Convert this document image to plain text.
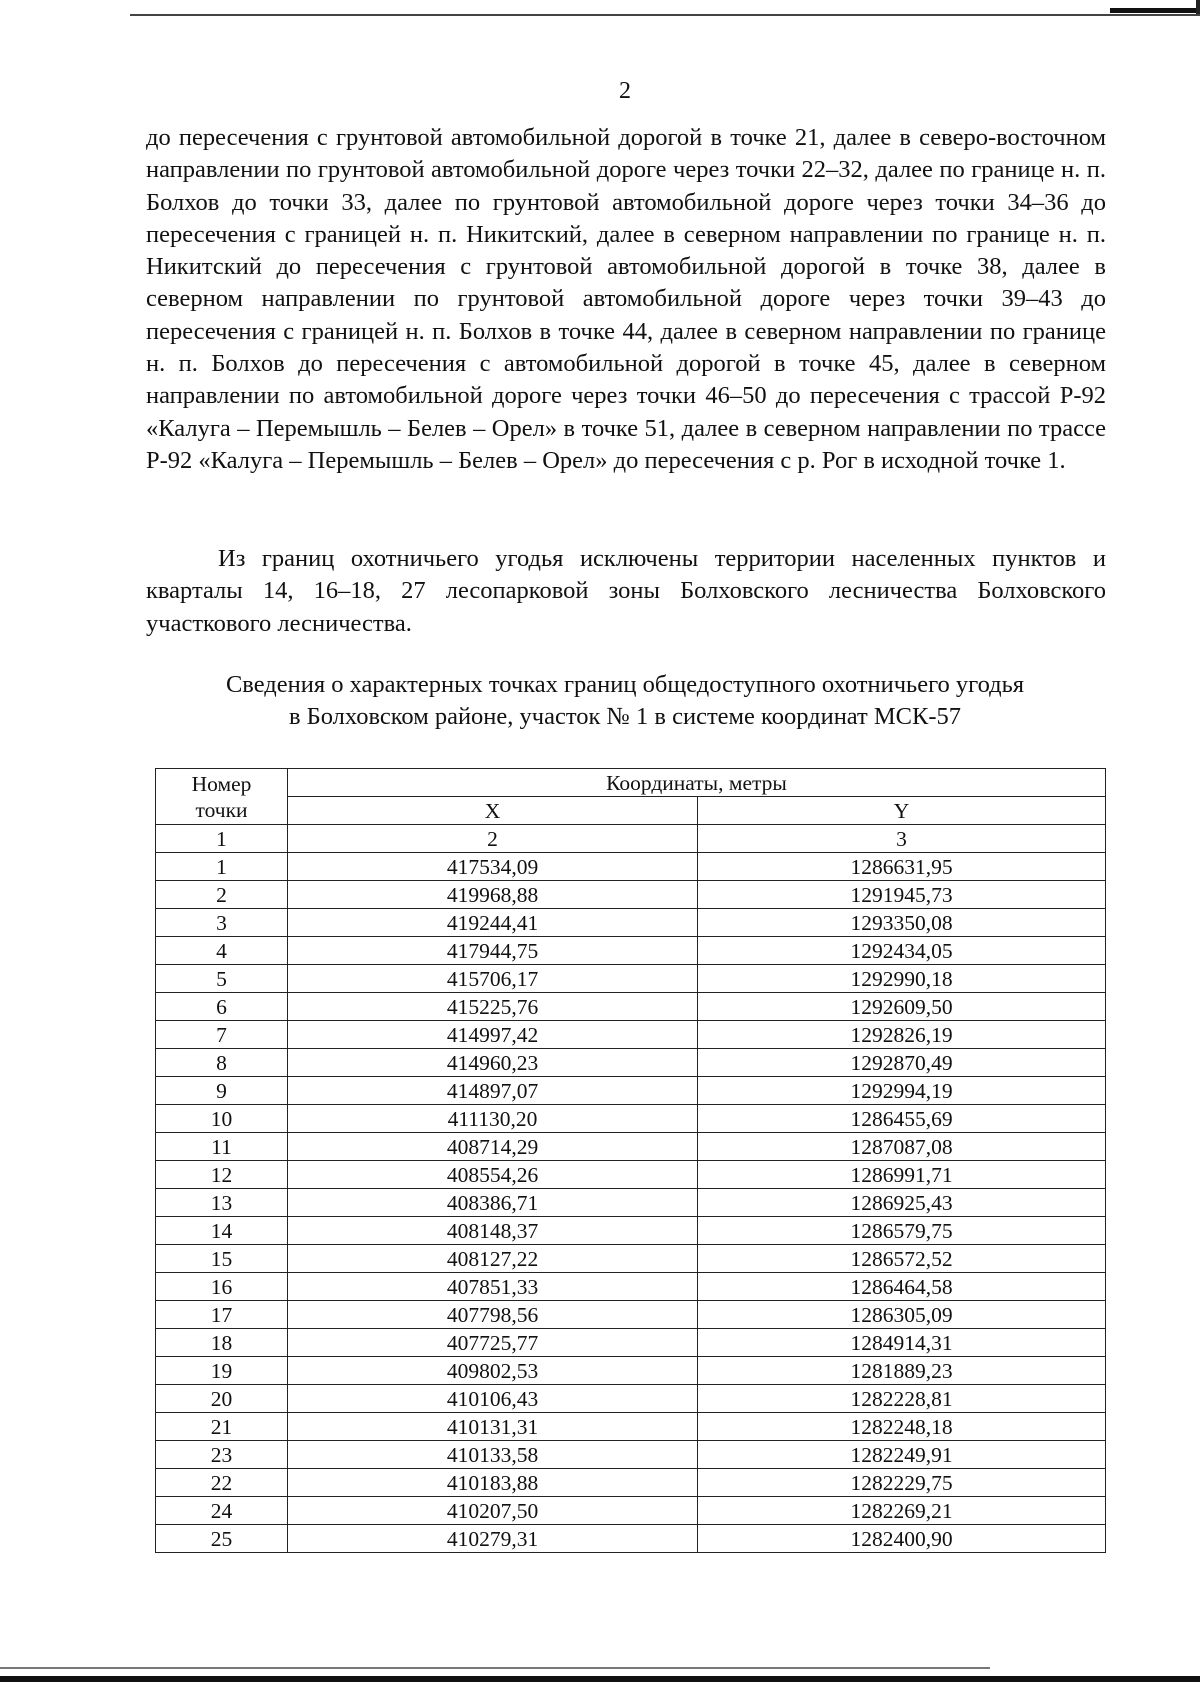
2

до пересечения с грунтовой автомобильной дорогой в точке 21, далее в северо-восточном направлении по грунтовой автомобильной дороге через точки 22–32, далее по границе н. п. Болхов до точки 33, далее по грунтовой автомобильной дороге через точки 34–36 до пересечения с границей н. п. Никитский, далее в северном направлении по границе н. п. Никитский до пересечения с грунтовой автомобильной дорогой в точке 38, далее в северном направлении по грунтовой автомобильной дороге через точки 39–43 до пересечения с границей н. п. Болхов в точке 44, далее в северном направлении по границе н. п. Болхов до пересечения с автомобильной дорогой в точке 45, далее в северном направлении по автомобильной дороге через точки 46–50 до пересечения с трассой Р-92 «Калуга – Перемышль – Белев – Орел» в точке 51, далее в северном направлении по трассе Р-92 «Калуга – Перемышль – Белев – Орел» до пересечения с р. Рог в исходной точке 1.

Из границ охотничьего угодья исключены территории населенных пунктов и кварталы 14, 16–18, 27 лесопарковой зоны Болховского лесничества Болховского участкового лесничества.

Сведения о характерных точках границ общедоступного охотничьего угодья
в Болховском районе, участок № 1 в системе координат МСК-57

Номер
точки	Координаты, метры	
	X	Y
1	2	3
1	417534,09	1286631,95
2	419968,88	1291945,73
3	419244,41	1293350,08
4	417944,75	1292434,05
5	415706,17	1292990,18
6	415225,76	1292609,50
7	414997,42	1292826,19
8	414960,23	1292870,49
9	414897,07	1292994,19
10	411130,20	1286455,69
11	408714,29	1287087,08
12	408554,26	1286991,71
13	408386,71	1286925,43
14	408148,37	1286579,75
15	408127,22	1286572,52
16	407851,33	1286464,58
17	407798,56	1286305,09
18	407725,77	1284914,31
19	409802,53	1281889,23
20	410106,43	1282228,81
21	410131,31	1282248,18
23	410133,58	1282249,91
22	410183,88	1282229,75
24	410207,50	1282269,21
25	410279,31	1282400,90
